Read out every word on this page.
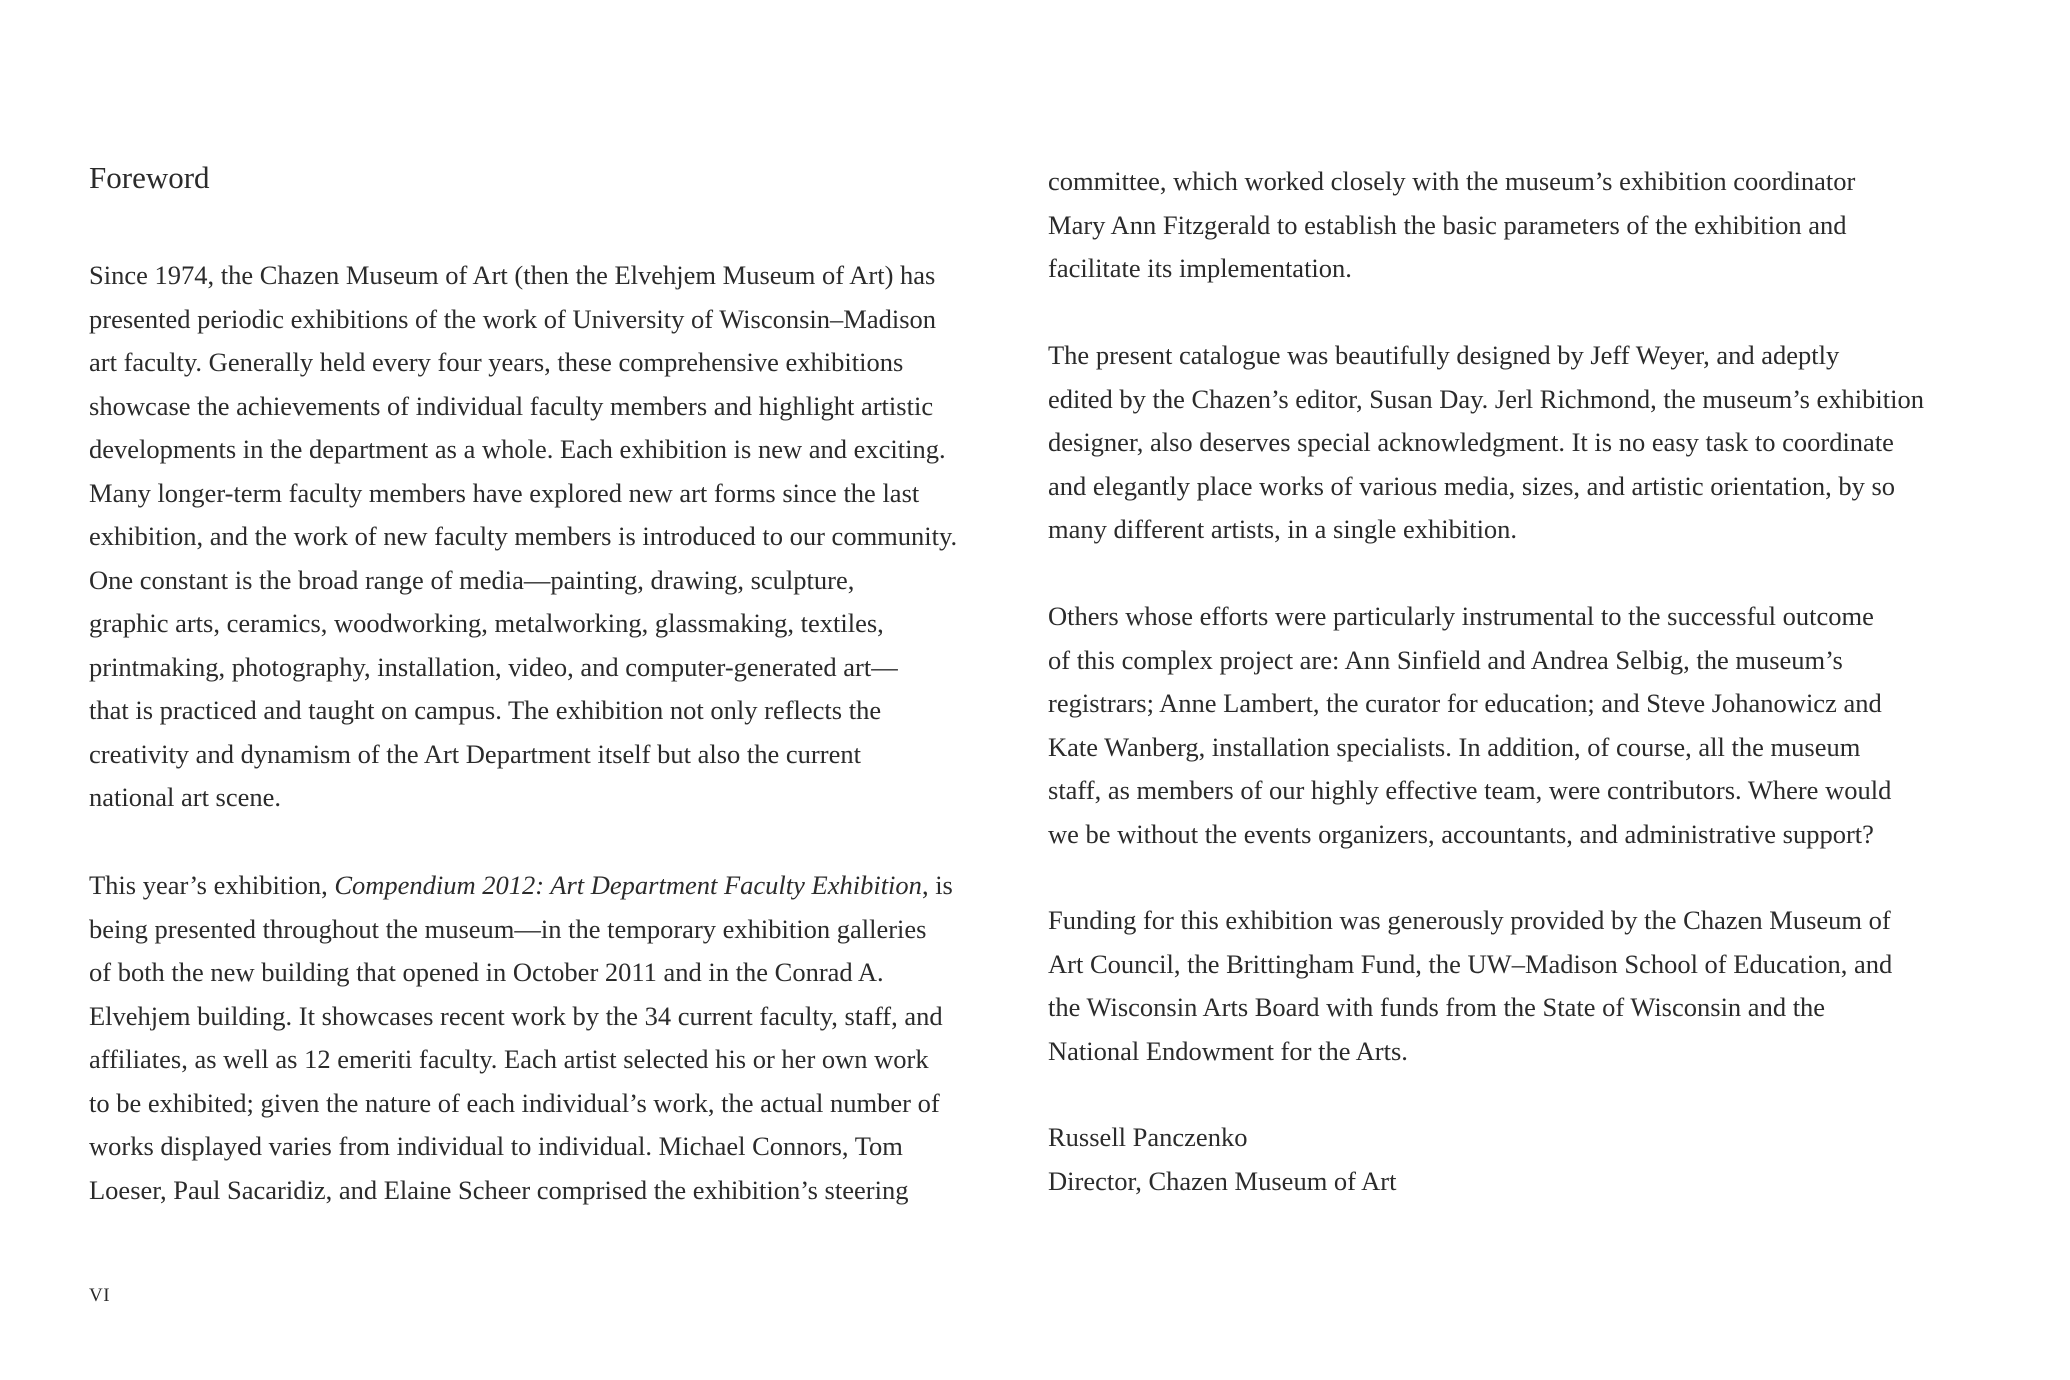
Foreword

Since 1974, the Chazen Museum of Art (then the Elvehjem Museum of Art) has
presented periodic exhibitions of the work of University of Wisconsin–Madison
art faculty. Generally held every four years, these comprehensive exhibitions
showcase the achievements of individual faculty members and highlight artistic
developments in the department as a whole. Each exhibition is new and exciting.
Many longer-term faculty members have explored new art forms since the last
exhibition, and the work of new faculty members is introduced to our community.
One constant is the broad range of media—painting, drawing, sculpture,
graphic arts, ceramics, woodworking, metalworking, glassmaking, textiles,
printmaking, photography, installation, video, and computer-generated art—
that is practiced and taught on campus. The exhibition not only reflects the
creativity and dynamism of the Art Department itself but also the current
national art scene.

This year’s exhibition, Compendium 2012: Art Department Faculty Exhibition, is
being presented throughout the museum—in the temporary exhibition galleries
of both the new building that opened in October 2011 and in the Conrad A.
Elvehjem building. It showcases recent work by the 34 current faculty, staff, and
affiliates, as well as 12 emeriti faculty. Each artist selected his or her own work
to be exhibited; given the nature of each individual’s work, the actual number of
works displayed varies from individual to individual. Michael Connors, Tom
Loeser, Paul Sacaridiz, and Elaine Scheer comprised the exhibition’s steering

committee, which worked closely with the museum’s exhibition coordinator
Mary Ann Fitzgerald to establish the basic parameters of the exhibition and
facilitate its implementation.

The present catalogue was beautifully designed by Jeff Weyer, and adeptly
edited by the Chazen’s editor, Susan Day. Jerl Richmond, the museum’s exhibition
designer, also deserves special acknowledgment. It is no easy task to coordinate
and elegantly place works of various media, sizes, and artistic orientation, by so
many different artists, in a single exhibition.

Others whose efforts were particularly instrumental to the successful outcome
of this complex project are: Ann Sinfield and Andrea Selbig, the museum’s
registrars; Anne Lambert, the curator for education; and Steve Johanowicz and
Kate Wanberg, installation specialists. In addition, of course, all the museum
staff, as members of our highly effective team, were contributors. Where would
we be without the events organizers, accountants, and administrative support?

Funding for this exhibition was generously provided by the Chazen Museum of
Art Council, the Brittingham Fund, the UW–Madison School of Education, and
the Wisconsin Arts Board with funds from the State of Wisconsin and the
National Endowment for the Arts.

Russell Panczenko
Director, Chazen Museum of Art

VI
